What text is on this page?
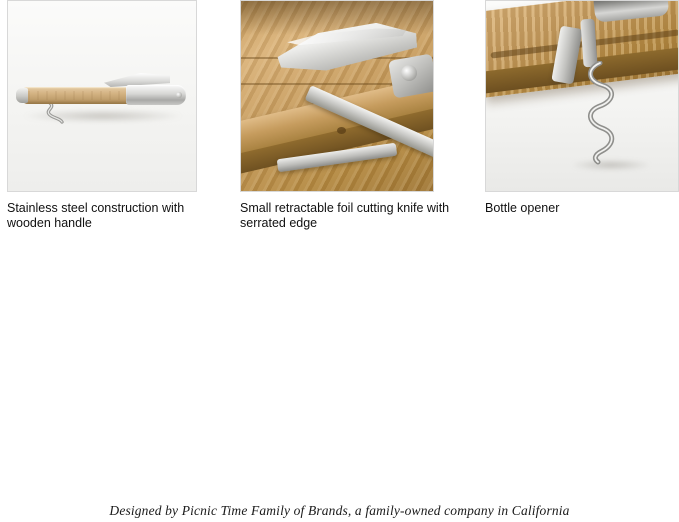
Stainless steel construction with wooden handle
Small retractable foil cutting knife with serrated edge
Bottle opener
Designed by Picnic Time Family of Brands, a family-owned company in California
